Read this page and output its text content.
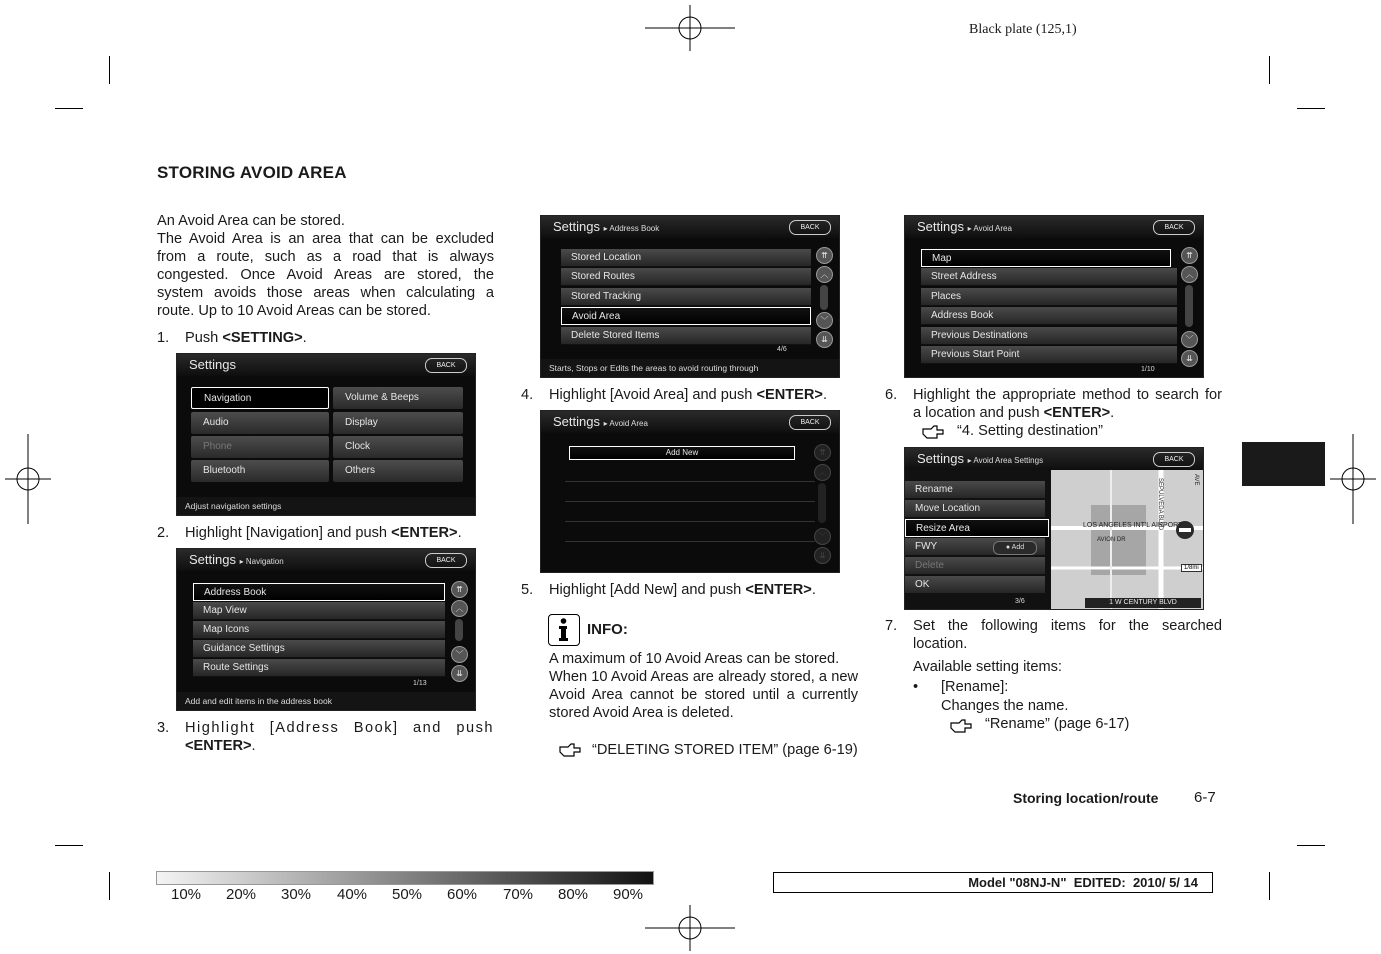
Black plate (125,1)
STORING AVOID AREA
An Avoid Area can be stored.
The Avoid Area is an area that can be excluded from a route, such as a road that is always congested. Once Avoid Areas are stored, the system avoids those areas when calculating a route. Up to 10 Avoid Areas can be stored.
1. Push <SETTING>.
Settings	BACK
Navigation
Audio
Phone
Bluetooth
Volume & Beeps
Display
Clock
Others
Adjust navigation settings
2. Highlight [Navigation] and push <ENTER>.
Settings ▸ Navigation	BACK
Address Book
Map View
Map Icons
Guidance Settings
Route Settings
⇈
︿
﹀
⇊
1/13
Add and edit items in the address book
3. Highlight [Address Book] and push <ENTER>.
Settings ▸ Address Book	BACK
Stored Location
Stored Routes
Stored Tracking
Avoid Area
Delete Stored Items
⇈
︿
﹀
⇊
4/6
Starts, Stops or Edits the areas to avoid routing through
4. Highlight [Avoid Area] and push <ENTER>.
Settings ▸ Avoid Area	BACK
Add New	⇈
︿
﹀
⇊
5. Highlight [Add New] and push <ENTER>.
INFO:
A maximum of 10 Avoid Areas can be stored.
When 10 Avoid Areas are already stored, a new Avoid Area cannot be stored until a currently stored Avoid Area is deleted.
“DELETING STORED ITEM” (page 6-19)
Settings ▸ Avoid Area	BACK
Map
Street Address
Places
Address Book
Previous Destinations
Previous Start Point
⇈
︿
﹀
⇊
1/10
6. Highlight the appropriate method to search for a location and push <ENTER>.
“4. Setting destination”
Settings ▸ Avoid Area Settings	BACK
LOS ANGELES INT'L AIRPORT
AVION DR
SEPULVEDA BLVD	AVE
1/8mi
Rename
Move Location
Resize Area
FWY	● Add
Delete
OK
3/6	1 W CENTURY BLVD
7. Set the following items for the searched location.
Available setting items:
• [Rename]:
Changes the name.
“Rename” (page 6-17)
Storing location/route 6-7
10% 20% 30% 40% 50% 60% 70% 80% 90%
Model "08NJ-N"  EDITED:  2010/ 5/ 14
